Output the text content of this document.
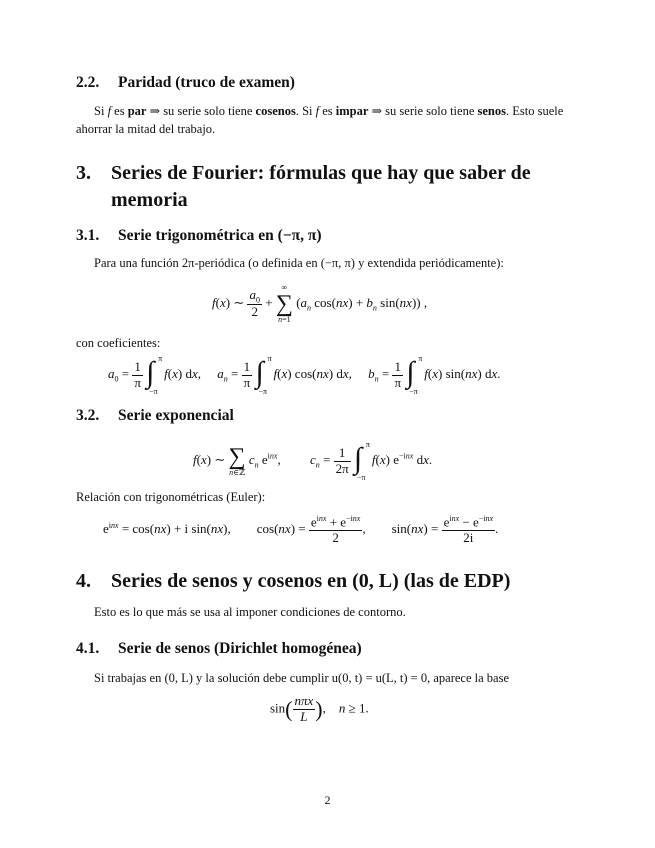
2.2. Paridad (truco de examen)
Si f es par ⇒ su serie solo tiene cosenos. Si f es impar ⇒ su serie solo tiene senos. Esto suele ahorrar la mitad del trabajo.
3.	Series de Fourier: fórmulas que hay que saber de memoria
3.1. Serie trigonométrica en (−π, π)
Para una función 2π-periódica (o definida en (−π, π) y extendida periódicamente):
f(x) ∼ $\frac{a_0}{2}$ +
∞
∑
n=1
($a_n$ $\cos(nx) + b_n$ sin(nx)) ,
con coeficientes:
$a_0 = \frac{1}{\pi}$
∫ π
−π
f(x) dx,     $a_n = \frac{1}{\pi}$
∫ π
−π
f(x) cos(nx) dx,     $b_n = \frac{1}{\pi}$
∫ π
−π
f(x) sin(nx) dx.
3.2. Serie exponencial
f(x) ∼ ∑
n∈ℤ
$c_n$ $e^{inx}$,         $c_n = \frac{1}{2\pi}$
∫ π
−π
f(x) $e^{-inx}$ dx.
Relación con trigonométricas (Euler):
$e^{inx} = \cos(nx) + i$ sin(nx),        $\cos(nx) = \frac{e^{inx} + e^{-inx}}{2}$ ,        $\sin(nx) = \frac{e^{inx} - e^{-inx}}{2i}$ .
4. Series de senos y cosenos en (0, L) (las de EDP)
Esto es lo que más se usa al imponer condiciones de contorno.
4.1. Serie de senos (Dirichlet homogénea)
Si trabajas en (0, L) y la solución debe cumplir u(0, t) = u(L, t) = 0, aparece la base
$\sin( \frac{\text{nπx}}{L}$ ),    n ≥ 1.
2
